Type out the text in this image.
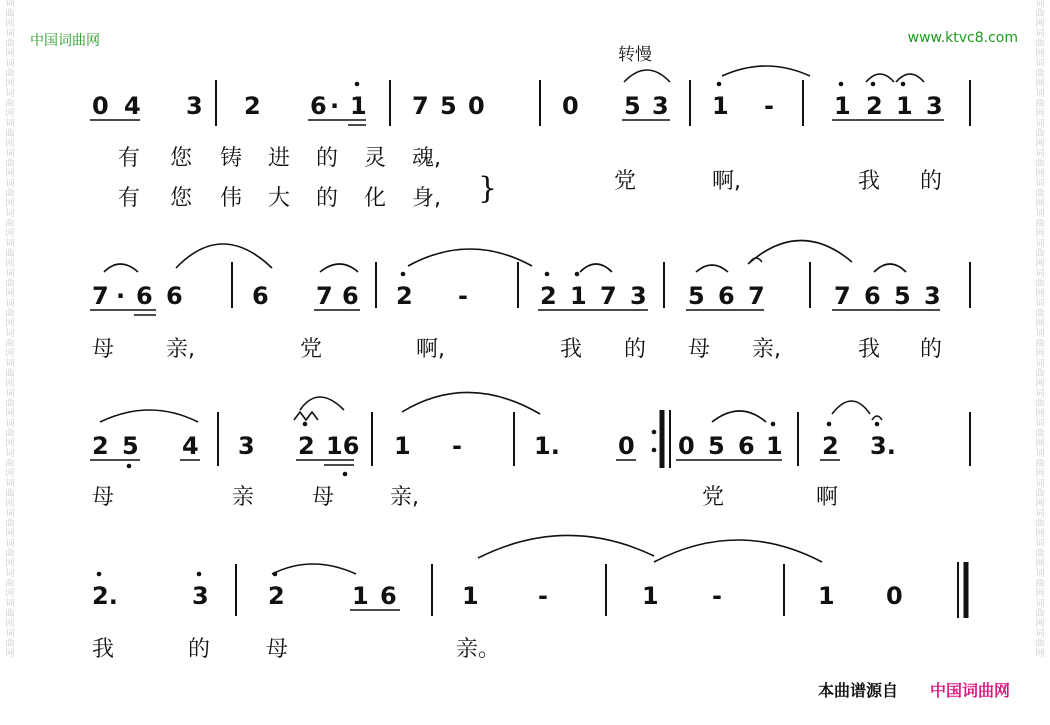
词
曲
网
词
曲
网
词
曲
网
词
曲
网
词
曲
网
词
曲
网
词
曲
网
词
曲
网
词
曲
网
词
曲
网
词
曲
网
词
曲
网
词
曲
网
词
曲
网
词
曲
网
词
曲
网
词
曲
网
词
曲
网
词
曲
网
词
曲
网
词
曲
网
词
曲
网
词
曲
网
词
曲
网
词
曲
网
词
曲
网
词
曲
网
词
曲
网
词
曲
网
词
曲
网
词
曲
网
词
曲
网
词
曲
网
词
曲
网
词
曲
网
词
曲
网
词
曲
网
词
曲
网
词
曲
网
词
曲
网
词
曲
网
词
曲
网
词
曲
网
词
曲
网
中国词曲网	www.ktvc8.com
转慢
0 4 3 2 6 · 1 7 5 0	0 5 3 1 -	1 2 1 3
有 您 铸 进 的 灵 魂,
有 您 伟 大 的 化 身, }	党	啊,	我 的
7 · 6 6	6 7 6 2 -	2 1 7 3 5 6 7	7 6 5 3
母 亲,	党	啊,	我 的 母 亲,	我 的
2 5 4 3 2 16 1 -	1. 0 0 5 6 1 2 3.
母	亲	母	亲,	党	啊
2.	3 2	1 6	1 -	1 -	1 0
我	的	母	亲。
本曲谱源自 中国词曲网
